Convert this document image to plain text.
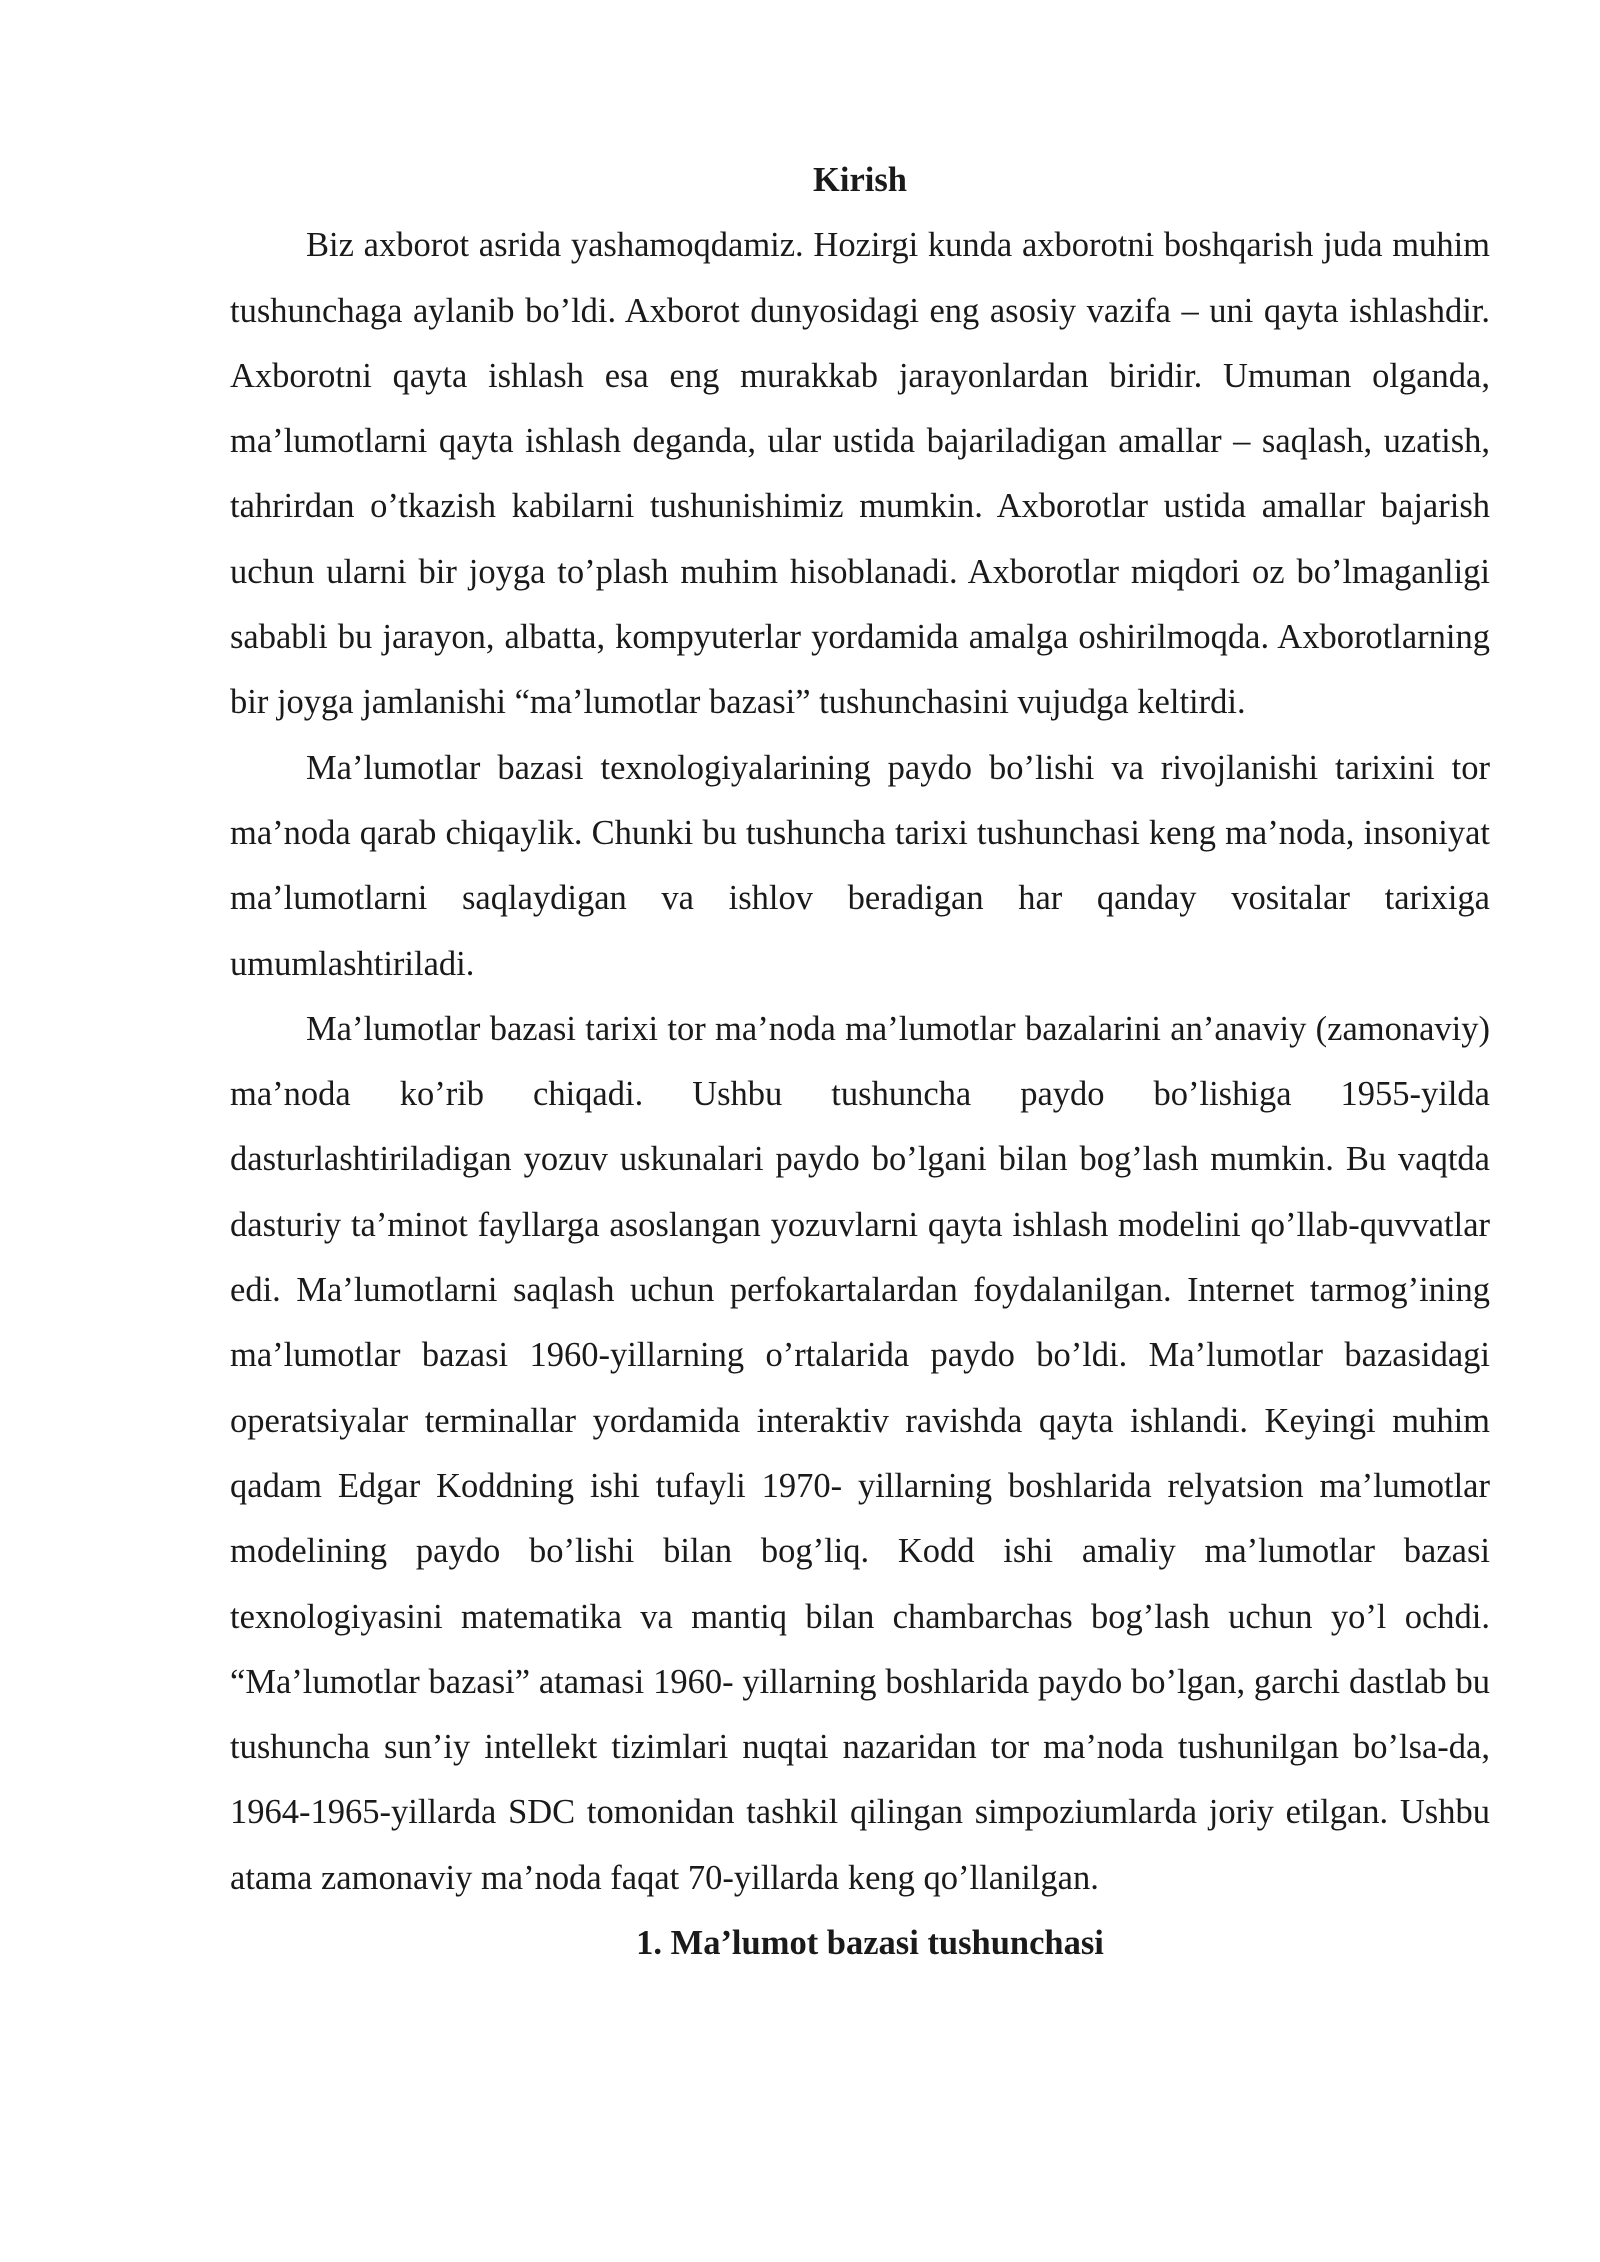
Kirish

Biz axborot asrida yashamoqdamiz. Hozirgi kunda axborotni boshqarish juda muhim tushunchaga aylanib bo’ldi. Axborot dunyosidagi eng asosiy vazifa – uni qayta ishlashdir. Axborotni qayta ishlash esa eng murakkab jarayonlardan biridir. Umuman olganda, ma’lumotlarni qayta ishlash deganda, ular ustida bajariladigan amallar – saqlash, uzatish, tahrirdan o’tkazish kabilarni tushunishimiz mumkin. Axborotlar ustida amallar bajarish uchun ularni bir joyga to’plash muhim hisoblanadi. Axborotlar miqdori oz bo’lmaganligi sababli bu jarayon, albatta, kompyuterlar yordamida amalga oshirilmoqda. Axborotlarning bir joyga jamlanishi “ma’lumotlar bazasi” tushunchasini vujudga keltirdi.

Ma’lumotlar bazasi texnologiyalarining paydo bo’lishi va rivojlanishi tarixini tor ma’noda qarab chiqaylik. Chunki bu tushuncha tarixi tushunchasi keng ma’noda, insoniyat ma’lumotlarni saqlaydigan va ishlov beradigan har qanday vositalar tarixiga umumlashtiriladi.

Ma’lumotlar bazasi tarixi tor ma’noda ma’lumotlar bazalarini an’anaviy (zamonaviy) ma’noda ko’rib chiqadi. Ushbu tushuncha paydo bo’lishiga 1955-yilda dasturlashtiriladigan yozuv uskunalari paydo bo’lgani bilan bog’lash mumkin. Bu vaqtda dasturiy ta’minot fayllarga asoslangan yozuvlarni qayta ishlash modelini qo’llab-quvvatlar edi. Ma’lumotlarni saqlash uchun perfokartalardan foydalanilgan. Internet tarmog’ining ma’lumotlar bazasi 1960-yillarning o’rtalarida paydo bo’ldi. Ma’lumotlar bazasidagi operatsiyalar terminallar yordamida interaktiv ravishda qayta ishlandi. Keyingi muhim qadam Edgar Koddning ishi tufayli 1970- yillarning boshlarida relyatsion ma’lumotlar modelining paydo bo’lishi bilan bog’liq. Kodd ishi amaliy ma’lumotlar bazasi texnologiyasini matematika va mantiq bilan chambarchas bog’lash uchun yo’l ochdi. “Ma’lumotlar bazasi” atamasi 1960- yillarning boshlarida paydo bo’lgan, garchi dastlab bu tushuncha sun’iy intellekt tizimlari nuqtai nazaridan tor ma’noda tushunilgan bo’lsa-da, 1964-1965-yillarda SDC tomonidan tashkil qilingan simpoziumlarda joriy etilgan. Ushbu atama zamonaviy ma’noda faqat 70-yillarda keng qo’llanilgan.

1. Ma’lumot bazasi tushunchasi
